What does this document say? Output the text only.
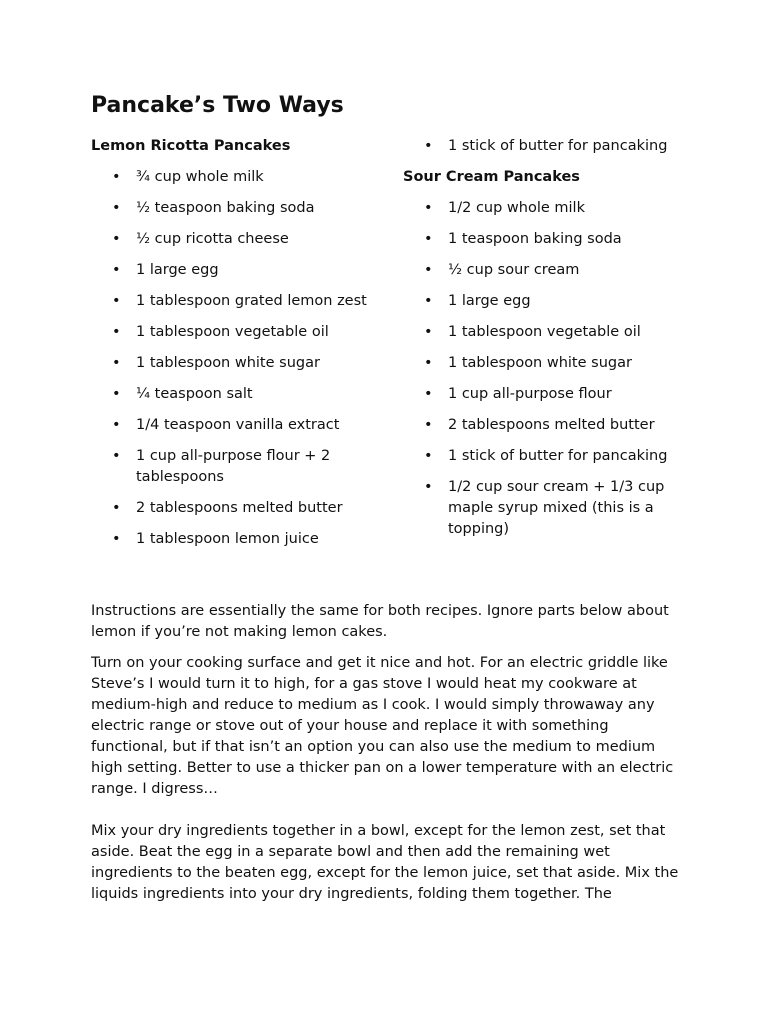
Pancake’s Two Ways
Lemon Ricotta Pancakes
• ¾ cup whole milk
• ½ teaspoon baking soda
• ½ cup ricotta cheese
• 1 large egg
• 1 tablespoon grated lemon zest
• 1 tablespoon vegetable oil
• 1 tablespoon white sugar
• ¼ teaspoon salt
• 1/4 teaspoon vanilla extract
• 1 cup all-purpose flour + 2 tablespoons
• 2 tablespoons melted butter
• 1 tablespoon lemon juice
• 1 stick of butter for pancaking
Sour Cream Pancakes
• 1/2 cup whole milk
• 1 teaspoon baking soda
• ½ cup sour cream
• 1 large egg
• 1 tablespoon vegetable oil
• 1 tablespoon white sugar
• 1 cup all-purpose flour
• 2 tablespoons melted butter
• 1 stick of butter for pancaking
• 1/2 cup sour cream + 1/3 cup maple syrup mixed (this is a topping)

Instructions are essentially the same for both recipes. Ignore parts below about lemon if you’re not making lemon cakes.

Turn on your cooking surface and get it nice and hot. For an electric griddle like Steve’s I would turn it to high, for a gas stove I would heat my cookware at medium-high and reduce to medium as I cook. I would simply throwaway any electric range or stove out of your house and replace it with something functional, but if that isn’t an option you can also use the medium to medium high setting. Better to use a thicker pan on a lower temperature with an electric range. I digress…

Mix your dry ingredients together in a bowl, except for the lemon zest, set that aside. Beat the egg in a separate bowl and then add the remaining wet ingredients to the beaten egg, except for the lemon juice, set that aside. Mix the liquids ingredients into your dry ingredients, folding them together. The
